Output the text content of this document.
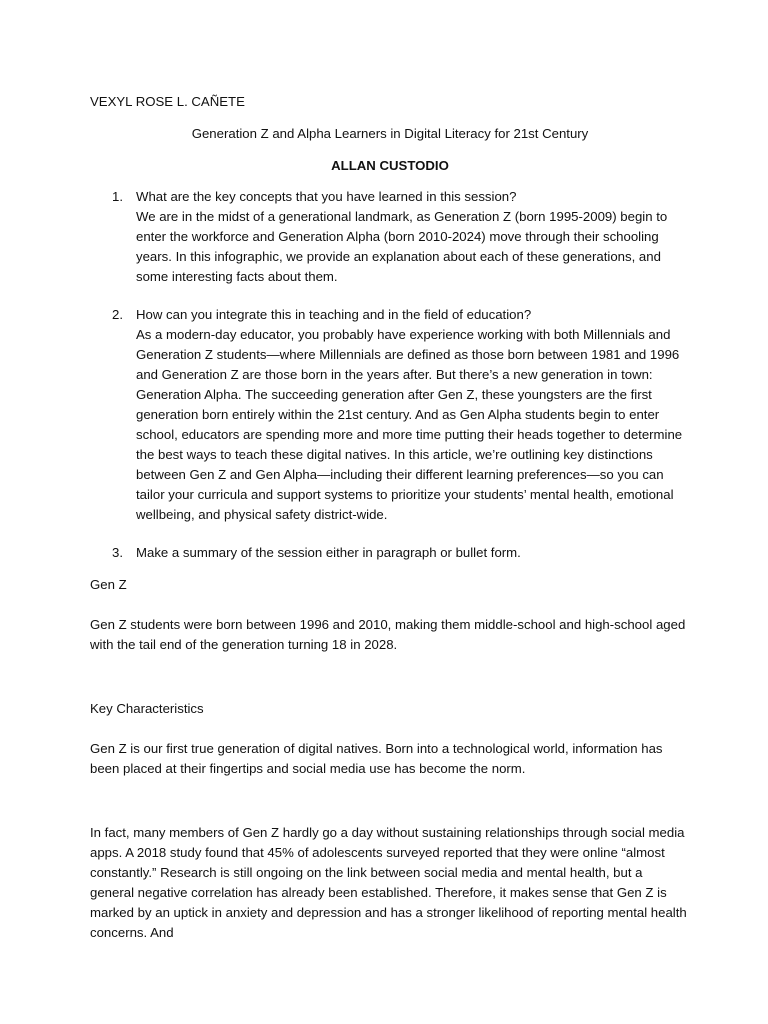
VEXYL ROSE L. CAÑETE

Generation Z and Alpha Learners in Digital Literacy for 21st Century

ALLAN CUSTODIO

1. What are the key concepts that you have learned in this session?

We are in the midst of a generational landmark, as Generation Z (born 1995-2009) begin to enter the workforce and Generation Alpha (born 2010-2024) move through their schooling years. In this infographic, we provide an explanation about each of these generations, and some interesting facts about them.

2. How can you integrate this in teaching and in the field of education?

As a modern-day educator, you probably have experience working with both Millennials and Generation Z students—where Millennials are defined as those born between 1981 and 1996 and Generation Z are those born in the years after. But there’s a new generation in town: Generation Alpha. The succeeding generation after Gen Z, these youngsters are the first generation born entirely within the 21st century. And as Gen Alpha students begin to enter school, educators are spending more and more time putting their heads together to determine the best ways to teach these digital natives. In this article, we’re outlining key distinctions between Gen Z and Gen Alpha—including their different learning preferences—so you can tailor your curricula and support systems to prioritize your students’ mental health, emotional wellbeing, and physical safety district-wide.

3. Make a summary of the session either in paragraph or bullet form.

Gen Z

Gen Z students were born between 1996 and 2010, making them middle-school and high-school aged with the tail end of the generation turning 18 in 2028.

Key Characteristics

Gen Z is our first true generation of digital natives. Born into a technological world, information has been placed at their fingertips and social media use has become the norm.

In fact, many members of Gen Z hardly go a day without sustaining relationships through social media apps. A 2018 study found that 45% of adolescents surveyed reported that they were online “almost constantly.” Research is still ongoing on the link between social media and mental health, but a general negative correlation has already been established. Therefore, it makes sense that Gen Z is marked by an uptick in anxiety and depression and has a stronger likelihood of reporting mental health concerns. And
